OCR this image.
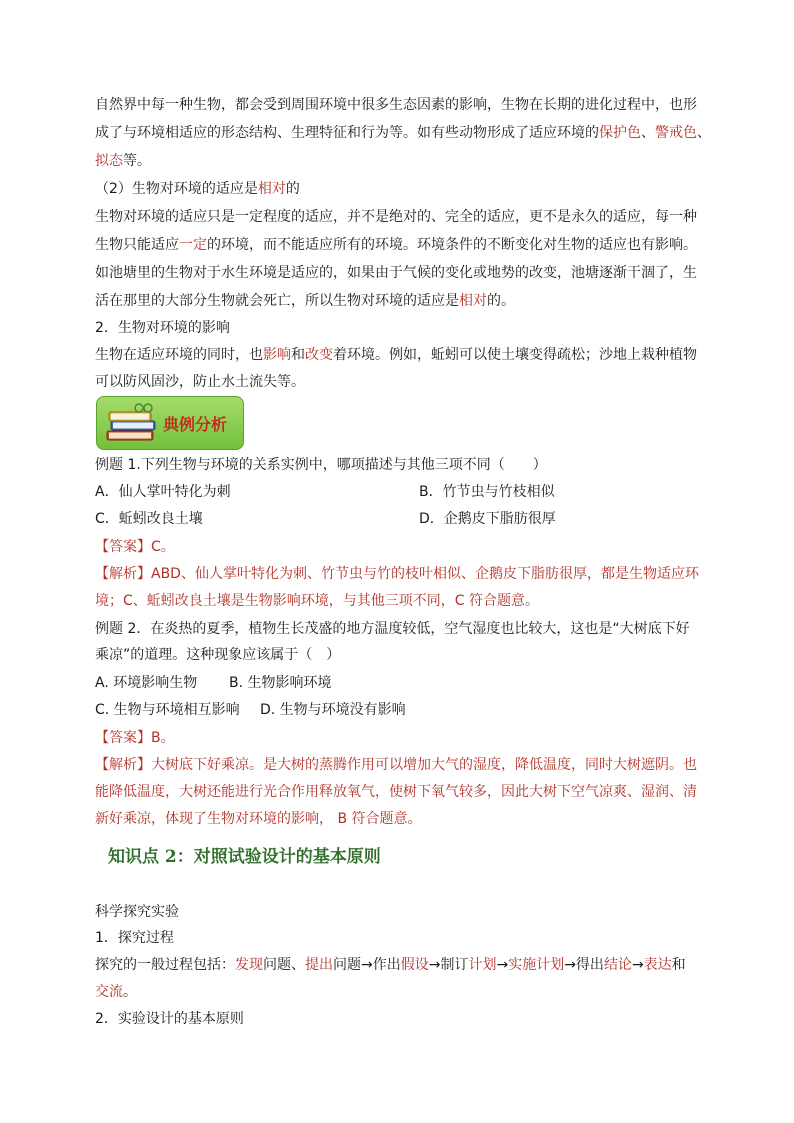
自然界中每一种生物，都会受到周围环境中很多生态因素的影响，生物在长期的进化过程中，也形
成了与环境相适应的形态结构、生理特征和行为等。如有些动物形成了适应环境的保护色、警戒色、
拟态等。
（2）生物对环境的适应是相对的
生物对环境的适应只是一定程度的适应，并不是绝对的、完全的适应，更不是永久的适应，每一种
生物只能适应一定的环境，而不能适应所有的环境。环境条件的不断变化对生物的适应也有影响。
如池塘里的生物对于水生环境是适应的，如果由于气候的变化或地势的改变，池塘逐渐干涸了，生
活在那里的大部分生物就会死亡，所以生物对环境的适应是相对的。
2．生物对环境的影响
生物在适应环境的同时，也影响和改变着环境。例如，蚯蚓可以使土壤变得疏松；沙地上栽种植物
可以防风固沙，防止水土流失等。
典例分析
例题 1.下列生物与环境的关系实例中，哪项描述与其他三项不同（　　）
A．仙人掌叶特化为刺	B．竹节虫与竹枝相似
C．蚯蚓改良土壤	D．企鹅皮下脂肪很厚
【答案】C。
【解析】ABD、仙人掌叶特化为刺、竹节虫与竹的枝叶相似、企鹅皮下脂肪很厚，都是生物适应环
境；C、蚯蚓改良土壤是生物影响环境，与其他三项不同，C 符合题意。
例题 2．在炎热的夏季，植物生长茂盛的地方温度较低，空气湿度也比较大，这也是“大树底下好
乘凉”的道理。这种现象应该属于（　）
A. 环境影响生物 B. 生物影响环境
C. 生物与环境相互影响 D. 生物与环境没有影响
【答案】B。
【解析】大树底下好乘凉。是大树的蒸腾作用可以增加大气的湿度，降低温度，同时大树遮阴。也
能降低温度，大树还能进行光合作用释放氧气，使树下氧气较多，因此大树下空气凉爽、湿润、清
新好乘凉，体现了生物对环境的影响， B 符合题意。
知识点 2：对照试验设计的基本原则
科学探究实验
1．探究过程
探究的一般过程包括：发现问题、提出问题→作出假设→制订计划→实施计划→得出结论→表达和
交流。
2．实验设计的基本原则
